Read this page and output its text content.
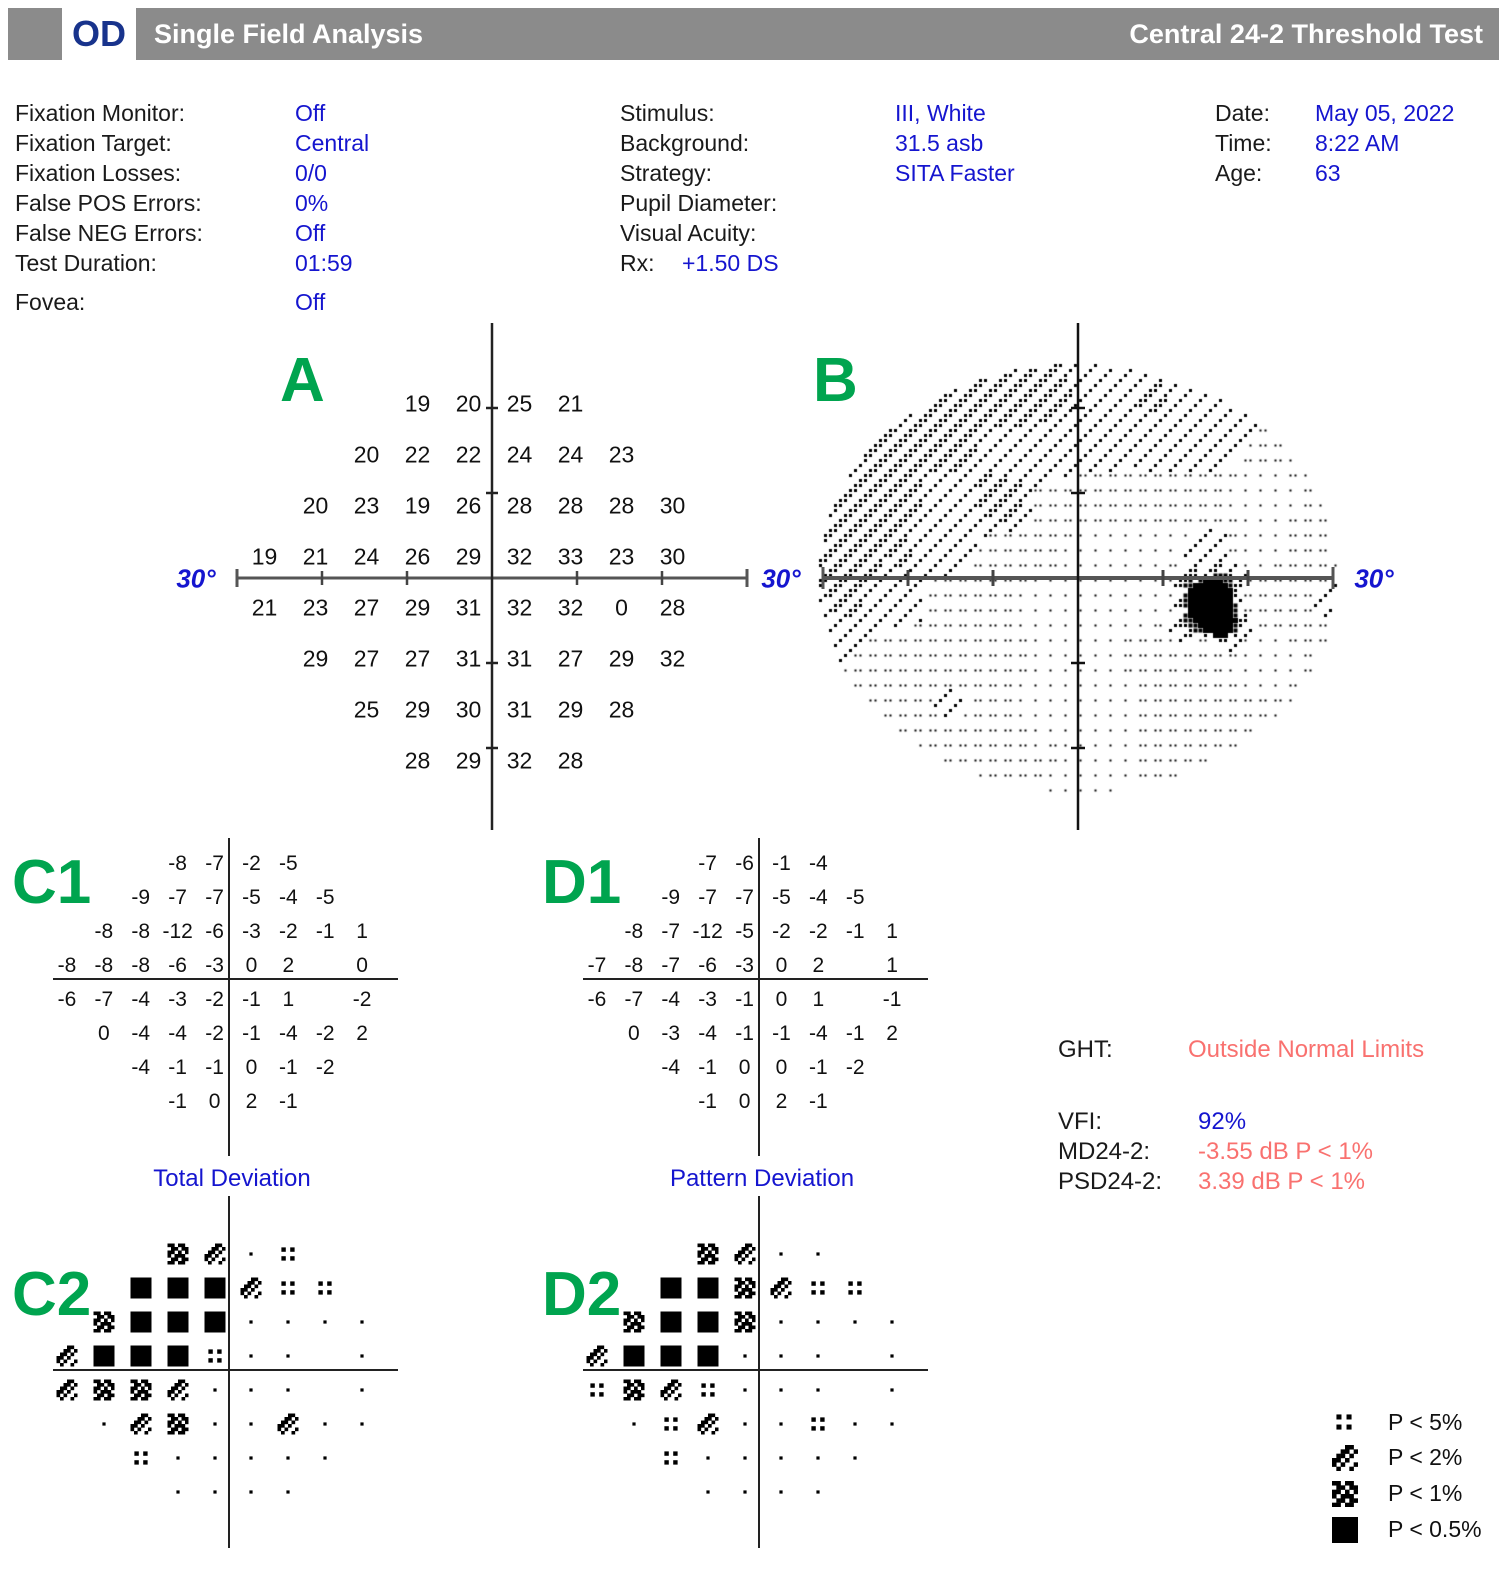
OD Single Field Analysis	Central 24-2 Threshold Test
Fixation Monitor:	Off
Fixation Target:	Central
Fixation Losses:	0/0
False POS Errors:	0%
False NEG Errors:	Off
Test Duration:	01:59
Fovea:	Off
Stimulus:	III, White
Background:	31.5 asb
Strategy:	SITA Faster
Pupil Diameter:
Visual Acuity:
Rx: +1.50 DS
Date: May 05, 2022
Time: 8:22 AM
Age: 63
A
C1	D1
C2	D2
30°	30°	30°
19 20 25 21
20 22 22 24 24 23
20 23 19 26 28 28 28 30
19 21 24 26 29 32 33 23 30
21 23 27 29 31 32 32 0 28
29 27 27 31 31 27 29 32
25 29 30 31 29 28
28 29 32 28
-8 -7 -2 -5
-9 -7 -7 -5 -4 -5
-8 -8 -12 -6 -3 -2 -1 1
-8 -8 -8 -6 -3 0 2	0
-6 -7 -4 -3 -2 -1 1	-2
0 -4 -4 -2 -1 -4 -2 2
-4 -1 -1 0 -1 -2
-1 0 2 -1
-7 -6 -1 -4
-9 -7 -7 -5 -4 -5
-8 -7 -12 -5 -2 -2 -1 1
-7 -8 -7 -6 -3 0 2	1
-6 -7 -4 -3 -1 0 1	-1
0 -3 -4 -1 -1 -4 -1 2
-4 -1 0 0 -1 -2
-1 0 2 -1
Total Deviation	Pattern Deviation
GHT:	Outside Normal Limits
VFI:	92%
MD24-2: -3.55 dB P < 1%
PSD24-2: 3.39 dB P < 1%
P < 5%
P < 2%
P < 1%
P < 0.5%
